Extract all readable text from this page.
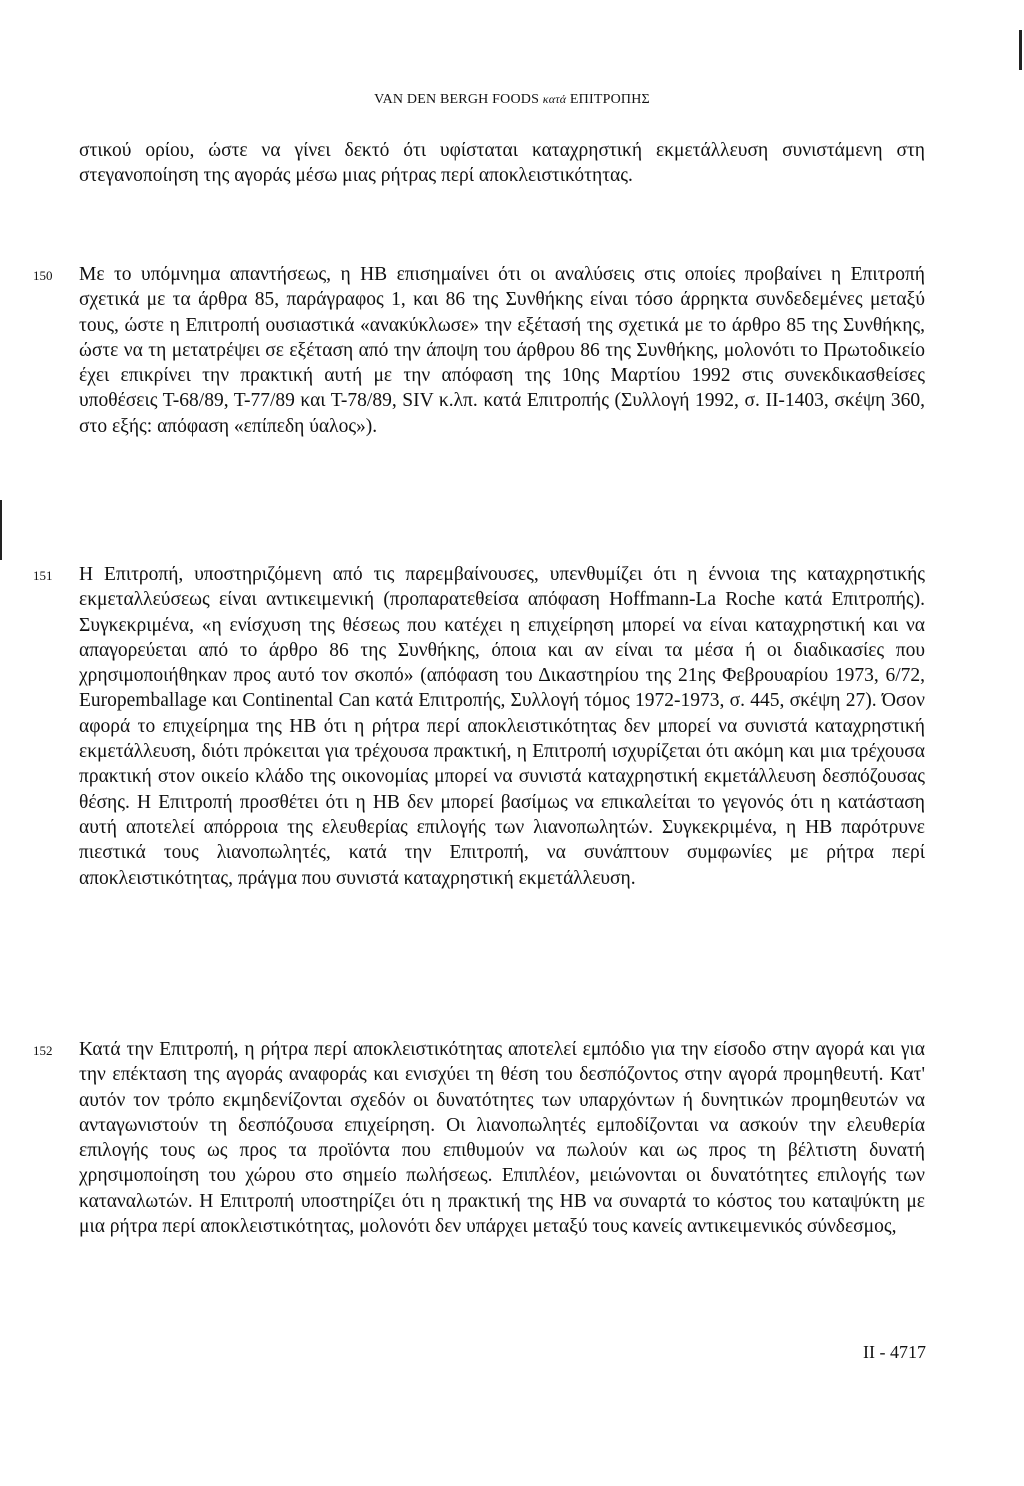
VAN DEN BERGH FOODS κατά ΕΠΙΤΡΟΠΗΣ
στικού ορίου, ώστε να γίνει δεκτό ότι υφίσταται καταχρηστική εκμετάλλευση συνιστάμενη στη στεγανοποίηση της αγοράς μέσω μιας ρήτρας περί αποκλειστικότητας.
150 Με το υπόμνημα απαντήσεως, η HB επισημαίνει ότι οι αναλύσεις στις οποίες προβαίνει η Επιτροπή σχετικά με τα άρθρα 85, παράγραφος 1, και 86 της Συνθήκης είναι τόσο άρρηκτα συνδεδεμένες μεταξύ τους, ώστε η Επιτροπή ουσιαστικά «ανακύκλωσε» την εξέτασή της σχετικά με το άρθρο 85 της Συνθήκης, ώστε να τη μετατρέψει σε εξέταση από την άποψη του άρθρου 86 της Συνθήκης, μολονότι το Πρωτοδικείο έχει επικρίνει την πρακτική αυτή με την απόφαση της 10ης Μαρτίου 1992 στις συνεκδικασθείσες υποθέσεις Τ-68/89, Τ-77/89 και Τ-78/89, SIV κ.λπ. κατά Επιτροπής (Συλλογή 1992, σ. ΙΙ-1403, σκέψη 360, στο εξής: απόφαση «επίπεδη ύαλος»).
151 Η Επιτροπή, υποστηριζόμενη από τις παρεμβαίνουσες, υπενθυμίζει ότι η έννοια της καταχρηστικής εκμεταλλεύσεως είναι αντικειμενική (προπαρατεθείσα απόφαση Hoffmann-La Roche κατά Επιτροπής). Συγκεκριμένα, «η ενίσχυση της θέσεως που κατέχει η επιχείρηση μπορεί να είναι καταχρηστική και να απαγορεύεται από το άρθρο 86 της Συνθήκης, όποια και αν είναι τα μέσα ή οι διαδικασίες που χρησιμοποιήθηκαν προς αυτό τον σκοπό» (απόφαση του Δικαστηρίου της 21ης Φεβρουαρίου 1973, 6/72, Europemballage και Continental Can κατά Επιτροπής, Συλλογή τόμος 1972-1973, σ. 445, σκέψη 27). Όσον αφορά το επιχείρημα της HB ότι η ρήτρα περί αποκλειστικότητας δεν μπορεί να συνιστά καταχρηστική εκμετάλλευση, διότι πρόκειται για τρέχουσα πρακτική, η Επιτροπή ισχυρίζεται ότι ακόμη και μια τρέχουσα πρακτική στον οικείο κλάδο της οικονομίας μπορεί να συνιστά καταχρηστική εκμετάλλευση δεσπόζουσας θέσης. Η Επιτροπή προσθέτει ότι η HB δεν μπορεί βασίμως να επικαλείται το γεγονός ότι η κατάσταση αυτή αποτελεί απόρροια της ελευθερίας επιλογής των λιανοπωλητών. Συγκεκριμένα, η HB παρότρυνε πιεστικά τους λιανοπωλητές, κατά την Επιτροπή, να συνάπτουν συμφωνίες με ρήτρα περί αποκλειστικότητας, πράγμα που συνιστά καταχρηστική εκμετάλλευση.
152 Κατά την Επιτροπή, η ρήτρα περί αποκλειστικότητας αποτελεί εμπόδιο για την είσοδο στην αγορά και για την επέκταση της αγοράς αναφοράς και ενισχύει τη θέση του δεσπόζοντος στην αγορά προμηθευτή. Κατ' αυτόν τον τρόπο εκμηδενίζονται σχεδόν οι δυνατότητες των υπαρχόντων ή δυνητικών προμηθευτών να ανταγωνιστούν τη δεσπόζουσα επιχείρηση. Οι λιανοπωλητές εμποδίζονται να ασκούν την ελευθερία επιλογής τους ως προς τα προϊόντα που επιθυμούν να πωλούν και ως προς τη βέλτιστη δυνατή χρησιμοποίηση του χώρου στο σημείο πωλήσεως. Επιπλέον, μειώνονται οι δυνατότητες επιλογής των καταναλωτών. Η Επιτροπή υποστηρίζει ότι η πρακτική της HB να συναρτά το κόστος του καταψύκτη με μια ρήτρα περί αποκλειστικότητας, μολονότι δεν υπάρχει μεταξύ τους κανείς αντικειμενικός σύνδεσμος,
II - 4717
